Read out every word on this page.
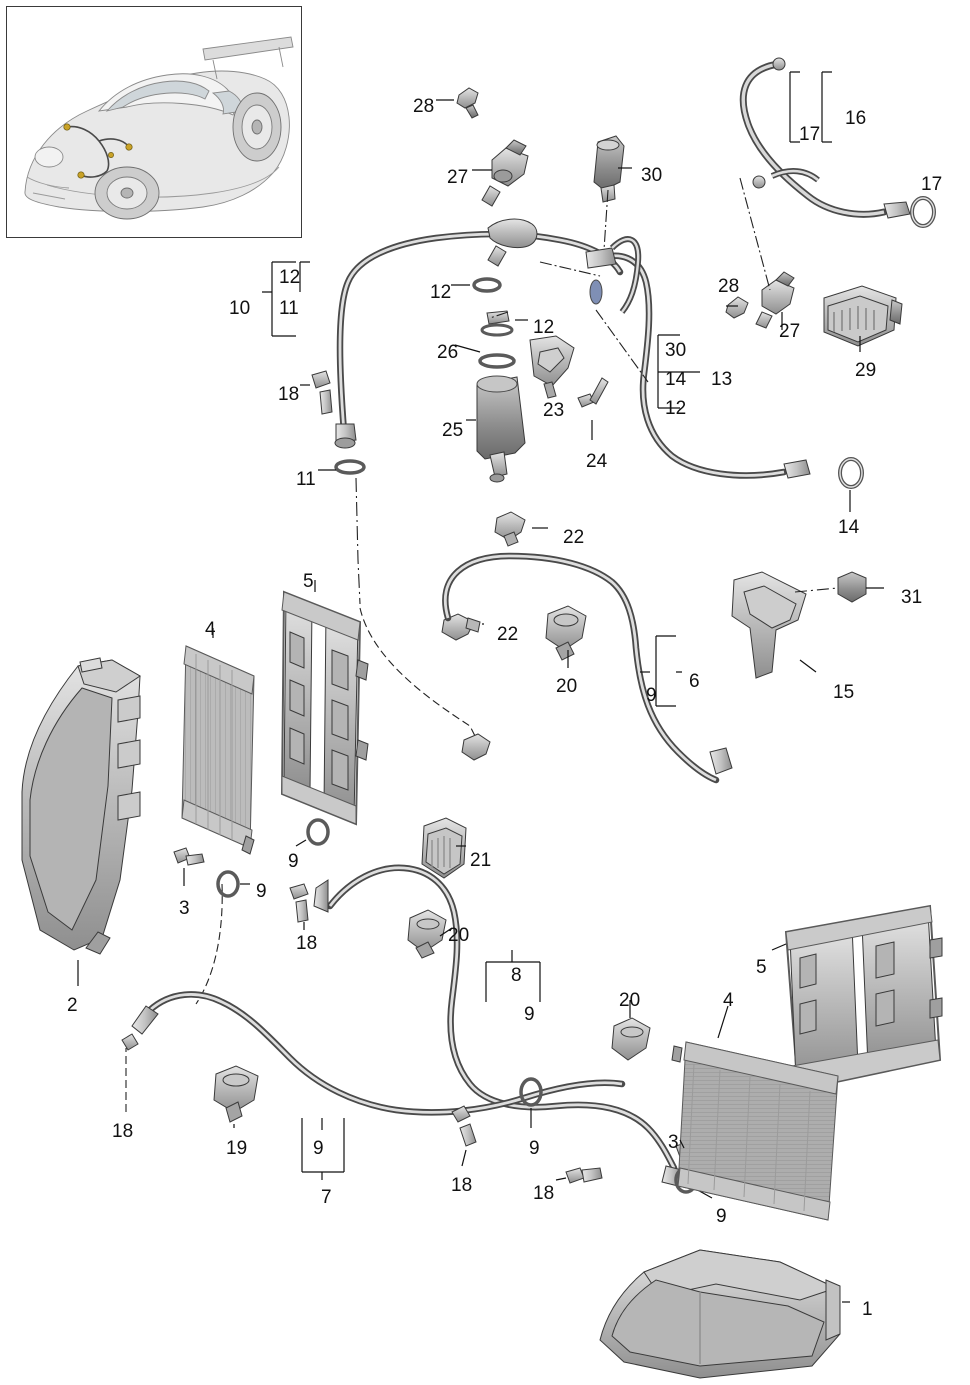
28
27	30
17
16
17
12
11
10
12	28
12
26	30
14 13
27
29
18
23	12
25
24
11
14
22
5
31
4	22
20	9
6
15
9	21
3
9
18	20
2
8
9
20
5
4
18
19	9
7
18
9
18
3
9
1
